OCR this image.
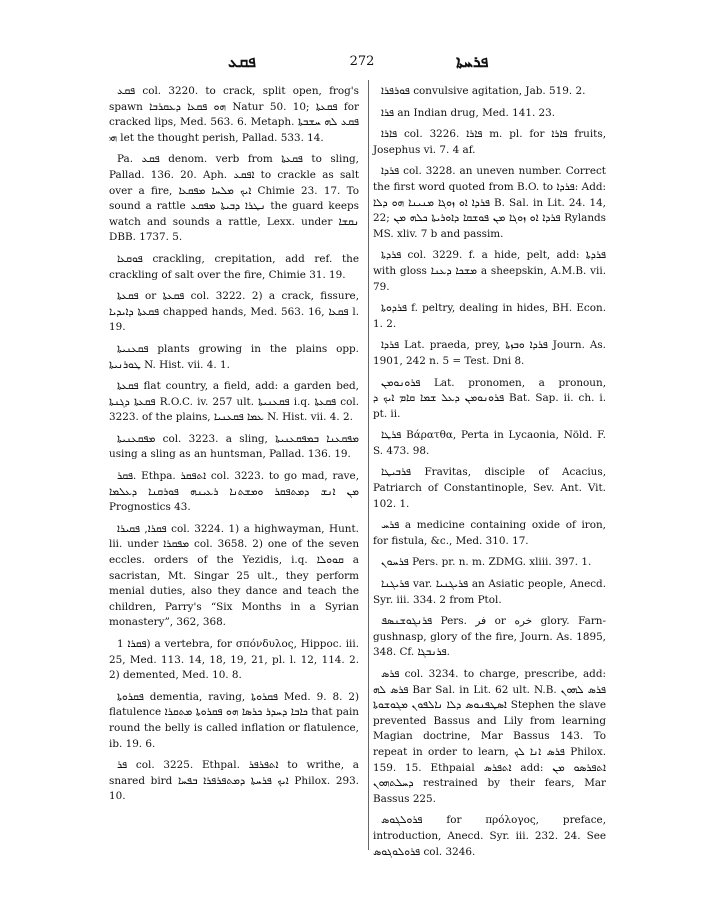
ܦܩܥ	272	ܦܪܚܬܐ

ܦܩܥ col. 3220. to crack, split open, frog's spawn ܗܘ ܦܩܥܐ ܕܥܩܪܒܐ Natur 50. 10; ܦܩܥܬܐ for cracked lips, Med. 563. 6. Metaph. ܦܩܥ ܠܗ ܚܫܒܬܐ ܗܝ let the thought perish, Pallad. 533. 14.

Pa. ܦܩܥ denom. verb from ܦܩܥܬܐ to sling, Pallad. 136. 20. Aph. ܐܦܩܥ to crackle as salt over a fire, ܐܝܟ ܡܠܚܐ ܡܦܩܥܐ Chimie 23. 17. To sound a rattle ܢܛܪܐ ܕܒܝܬܐ ܡܦܩܥ the guard keeps watch and sounds a rattle, Lexx. under ܢܩܫܐ DBB. 1737. 5.

ܦܘܩܥܐ crackling, crepitation, add ref. the crackling of salt over the fire, Chimie 31. 19.

ܦܩܥܬܐ or ܦܩܥܬܐ col. 3222. 2) a crack, fissure, ܦܩܥܬܐ ܕܐܝܕܝܐ chapped hands, Med. 563. 16, ܦܩܥܐ l. 19.

ܦܩܥܢܝܬܐ plants growing in the plains opp. ܛܘܪܢܝܬܐ N. Hist. vii. 4. 1.

ܦܩܥܬܐ flat country, a field, add: a garden bed, ܦܩܥܬܐ ܕܓܢܬܐ R.O.C. iv. 257 ult. ܦܩܥܢܝܬܐ i.q. ܦܩܥܬܐ col. 3223. of the plains, ܥܡܐ ܦܩܥܢܝܐ N. Hist. vii. 4. 2.

ܡܦܩܥܢܝܬܐ col. 3223. a sling, ܡܦܩܥܢܐ ܒܡܦܩܥܢܝܬܐ using a sling as an huntsman, Pallad. 136. 19.

ܦܩܪ. Ethpa. ܐܬܦܩܪ col. 3223. to go mad, rave, ܡܢ ܐܢܫ ܕܡܬܦܩܪ ܘܡܫܬܢܐ ܪܥܝܢܗ ܦܘܪܩܢܐ ܕܥܠܡܐ Prognostics 43.

ܦܩܪܐ, ܦܩܝܪܐ col. 3224. 1) a highwayman, Hunt. lii. under ܡܦܩܪܐ col. 3658. 2) one of the seven eccles. orders of the Yezidis, i.q. ܩܘܘܠܐ a sacristan, Mt. Singar 25 ult., they perform menial duties, also they dance and teach the children, Parry's “Six Months in a Syrian monastery”, 362, 368.

ܦܩܪܐ 1) a vertebra, for σπόνδυλος, Hippoc. iii. 25, Med. 113. 14, 18, 19, 21, pl. l. 12, 114. 2. 2) demented, Med. 10. 8.

ܦܩܪܘܬܐ dementia, raving, ܦܩܪܘܬܐ Med. 9. 8. 2) flatulence ܟܐܒܐ ܕܚܕܪ ܟܪܣܐ ܗܘ ܦܩܪܘܬܐ ܡܬܩܪܐ that pain round the belly is called inflation or flatulence, ib. 19. 6.

ܦܪ col. 3225. Ethpal. ܐܬܦܪܦܪ to writhe, a snared bird ܐܝܟ ܦܪܚܬܐ ܕܡܬܦܪܦܪܐ ܒܦܚܐ Philox. 293. 10.

ܦܘܪܦܪܐ convulsive agitation, Jab. 519. 2.

ܦܪܐ an Indian drug, Med. 141. 23.

ܦܐܪܐ col. 3226. ܦܐܪܐ m. pl. for ܦܐܪܐ fruits, Josephus vi. 7. 4 af.

ܦܪܕܐ col. 3228. an uneven number. Correct the first word quoted from B.O. to ܦܪܕܐ: Add: ܦܪܕܐ ܐܘ ܙܘܓܐ ܡܢܝܢܐ ܗܘ ܕܠܐ B. Sal. in Lit. 24. 14, 22; ܦܪܕܐ ܐܘ ܙܘܓܐ ܡܢ ܦܘܫܩܐ ܕܐܘܪܝܬܐ ܟܠܗ ܡܢ Rylands MS. xliv. 7 b and passim.

ܦܪܕܬܐ col. 3229. f. a hide, pelt, add: ܦܪܕܬܐ with gloss ܡܫܟܐ ܕܥܢܐ a sheepskin, A.M.B. vii. 79.

ܦܪܕܘܬܐ f. peltry, dealing in hides, BH. Econ. 1. 2.

ܦܪܕܐ Lat. praeda, prey, ܦܪܕܐ ܘܒܙܬܐ Journ. As. 1901, 242 n. 5 = Test. Dni 8.

ܦܪܘܢܘܡܢ Lat. pronomen, a pronoun, ܦܪܘܢܘܡܢ ܕܥܠ ܫܡܐ ܩܐܡ ܐܝܟ ܕ Bat. Sap. ii. ch. i. pt. ii.

ܦܪܛܐ Βάρατθα, Perta in Lycaonia, Nöld. F. S. 473. 98.

ܦܪܒܝܛܐ Fravitas, disciple of Acacius, Patriarch of Constantinople, Sev. Ant. Vit. 102. 1.

ܦܪܚ a medicine containing oxide of iron, for fistula, &c., Med. 310. 17.

ܦܪܚܘܢ Pers. pr. n. m. ZDMG. xliii. 397. 1.

ܦܪܝܓܢܐ var. ܦܪܝܓܢܝܐ an Asiatic people, Anecd. Syr. iii. 334. 2 from Ptol.

ܦܪܢܓܘܫܢܣܦ Pers. فر or خره glory. Farn-gushnasp, glory of the fire, Journ. As. 1895, 348. Cf. ܦܪܢܒܓܐ.

ܦܪܣ col. 3234. to charge, prescribe, add: ܦܪܣ ܠܗ Bar Sal. in Lit. 62 ult. N.B. ܦܪܣ ܠܗܘܢ ܐܣܛܦܢܘܣ ܕܠܐ ܢܐܠܦܘܢ ܡܓܘܫܘܬܐ Stephen the slave prevented Bassus and Lily from learning Magian doctrine, Mar Bassus 143. To repeat in order to learn, ܦܪܣ ܐܢܐ ܠܟ Philox. 159. 15. Ethpaial ܐܬܦܪܣ add: ܐܬܦܪܣܘ ܡܢ ܕܚܠܬܗܘܢ restrained by their fears, Mar Bassus 225.

ܦܪܘܠܓܘܣ for πρόλογος, preface, introduction, Anecd. Syr. iii. 232. 24. See ܦܪܘܠܘܓܘܣ col. 3246.
